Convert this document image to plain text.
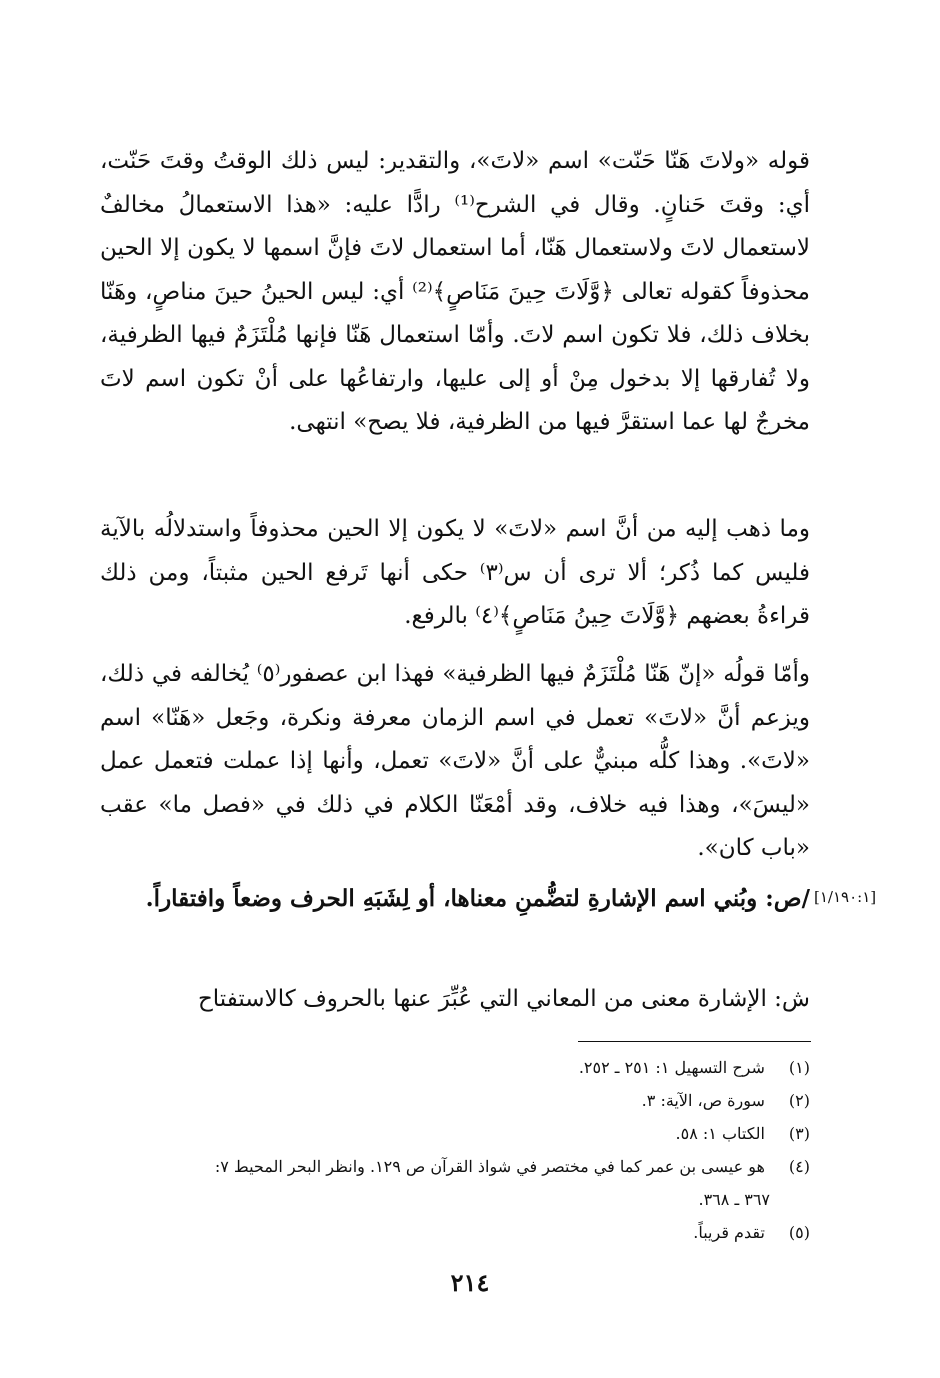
قوله «ولاتَ هَنّا حَنّت» اسم «لاتَ»، والتقدير: ليس ذلك الوقتُ وقتَ حَنّت، أي: وقتَ حَنانٍ. وقال في الشرح⁽¹⁾ رادًّا عليه: «هذا الاستعمالُ مخالفٌ لاستعمال لاتَ ولاستعمال هَنّا، أما استعمال لاتَ فإنَّ اسمها لا يكون إلا الحين محذوفاً كقوله تعالى ﴿وَّلَاتَ حِينَ مَنَاصٍ﴾⁽²⁾ أي: ليس الحينُ حينَ مناصٍ، وهَنّا بخلاف ذلك، فلا تكون اسم لاتَ. وأمّا استعمال هَنّا فإنها مُلْتَزَمٌ فيها الظرفية، ولا تُفارقها إلا بدخول مِنْ أو إلى عليها، وارتفاعُها على أنْ تكون اسم لاتَ مخرجٌ لها عما استقرَّ فيها من الظرفية، فلا يصح» انتهى.
وما ذهب إليه من أنَّ اسم «لاتَ» لا يكون إلا الحين محذوفاً واستدلالُه بالآية فليس كما ذُكر؛ ألا ترى أن س⁽٣⁾ حكى أنها تَرفع الحين مثبتاً، ومن ذلك قراءةُ بعضهم ﴿وَّلَاتَ حِينُ مَنَاصٍ﴾⁽٤⁾ بالرفع.
وأمّا قولُه «إنّ هَنّا مُلْتَزَمٌ فيها الظرفية» فهذا ابن عصفور⁽٥⁾ يُخالفه في ذلك، ويزعم أنَّ «لاتَ» تعمل في اسم الزمان معرفة ونكرة، وجَعل «هَنّا» اسم «لاتَ». وهذا كلُّه مبنيٌّ على أنَّ «لاتَ» تعمل، وأنها إذا عملت فتعمل عمل «ليسَ»، وهذا فيه خلاف، وقد أمْعَنّا الكلام في ذلك في «فصل ما» عقب «باب كان».
[١/١٩٠:١]
/ص: وبُني اسم الإشارةِ لتضُّمنِ معناها، أو لِشَبَهِ الحرف وضعاً وافتقاراً.
ش: الإشارة معنى من المعاني التي عُبِّرَ عنها بالحروف كالاستفتاح
(١) شرح التسهيل ١: ٢٥١ ـ ٢٥٢.
(٢) سورة ص، الآية: ٣.
(٣) الكتاب ١: ٥٨.
(٤) هو عيسى بن عمر كما في مختصر في شواذ القرآن ص ١٢٩. وانظر البحر المحيط ٧:
٣٦٧ ـ ٣٦٨.
(٥) تقدم قريباً.
٢١٤
